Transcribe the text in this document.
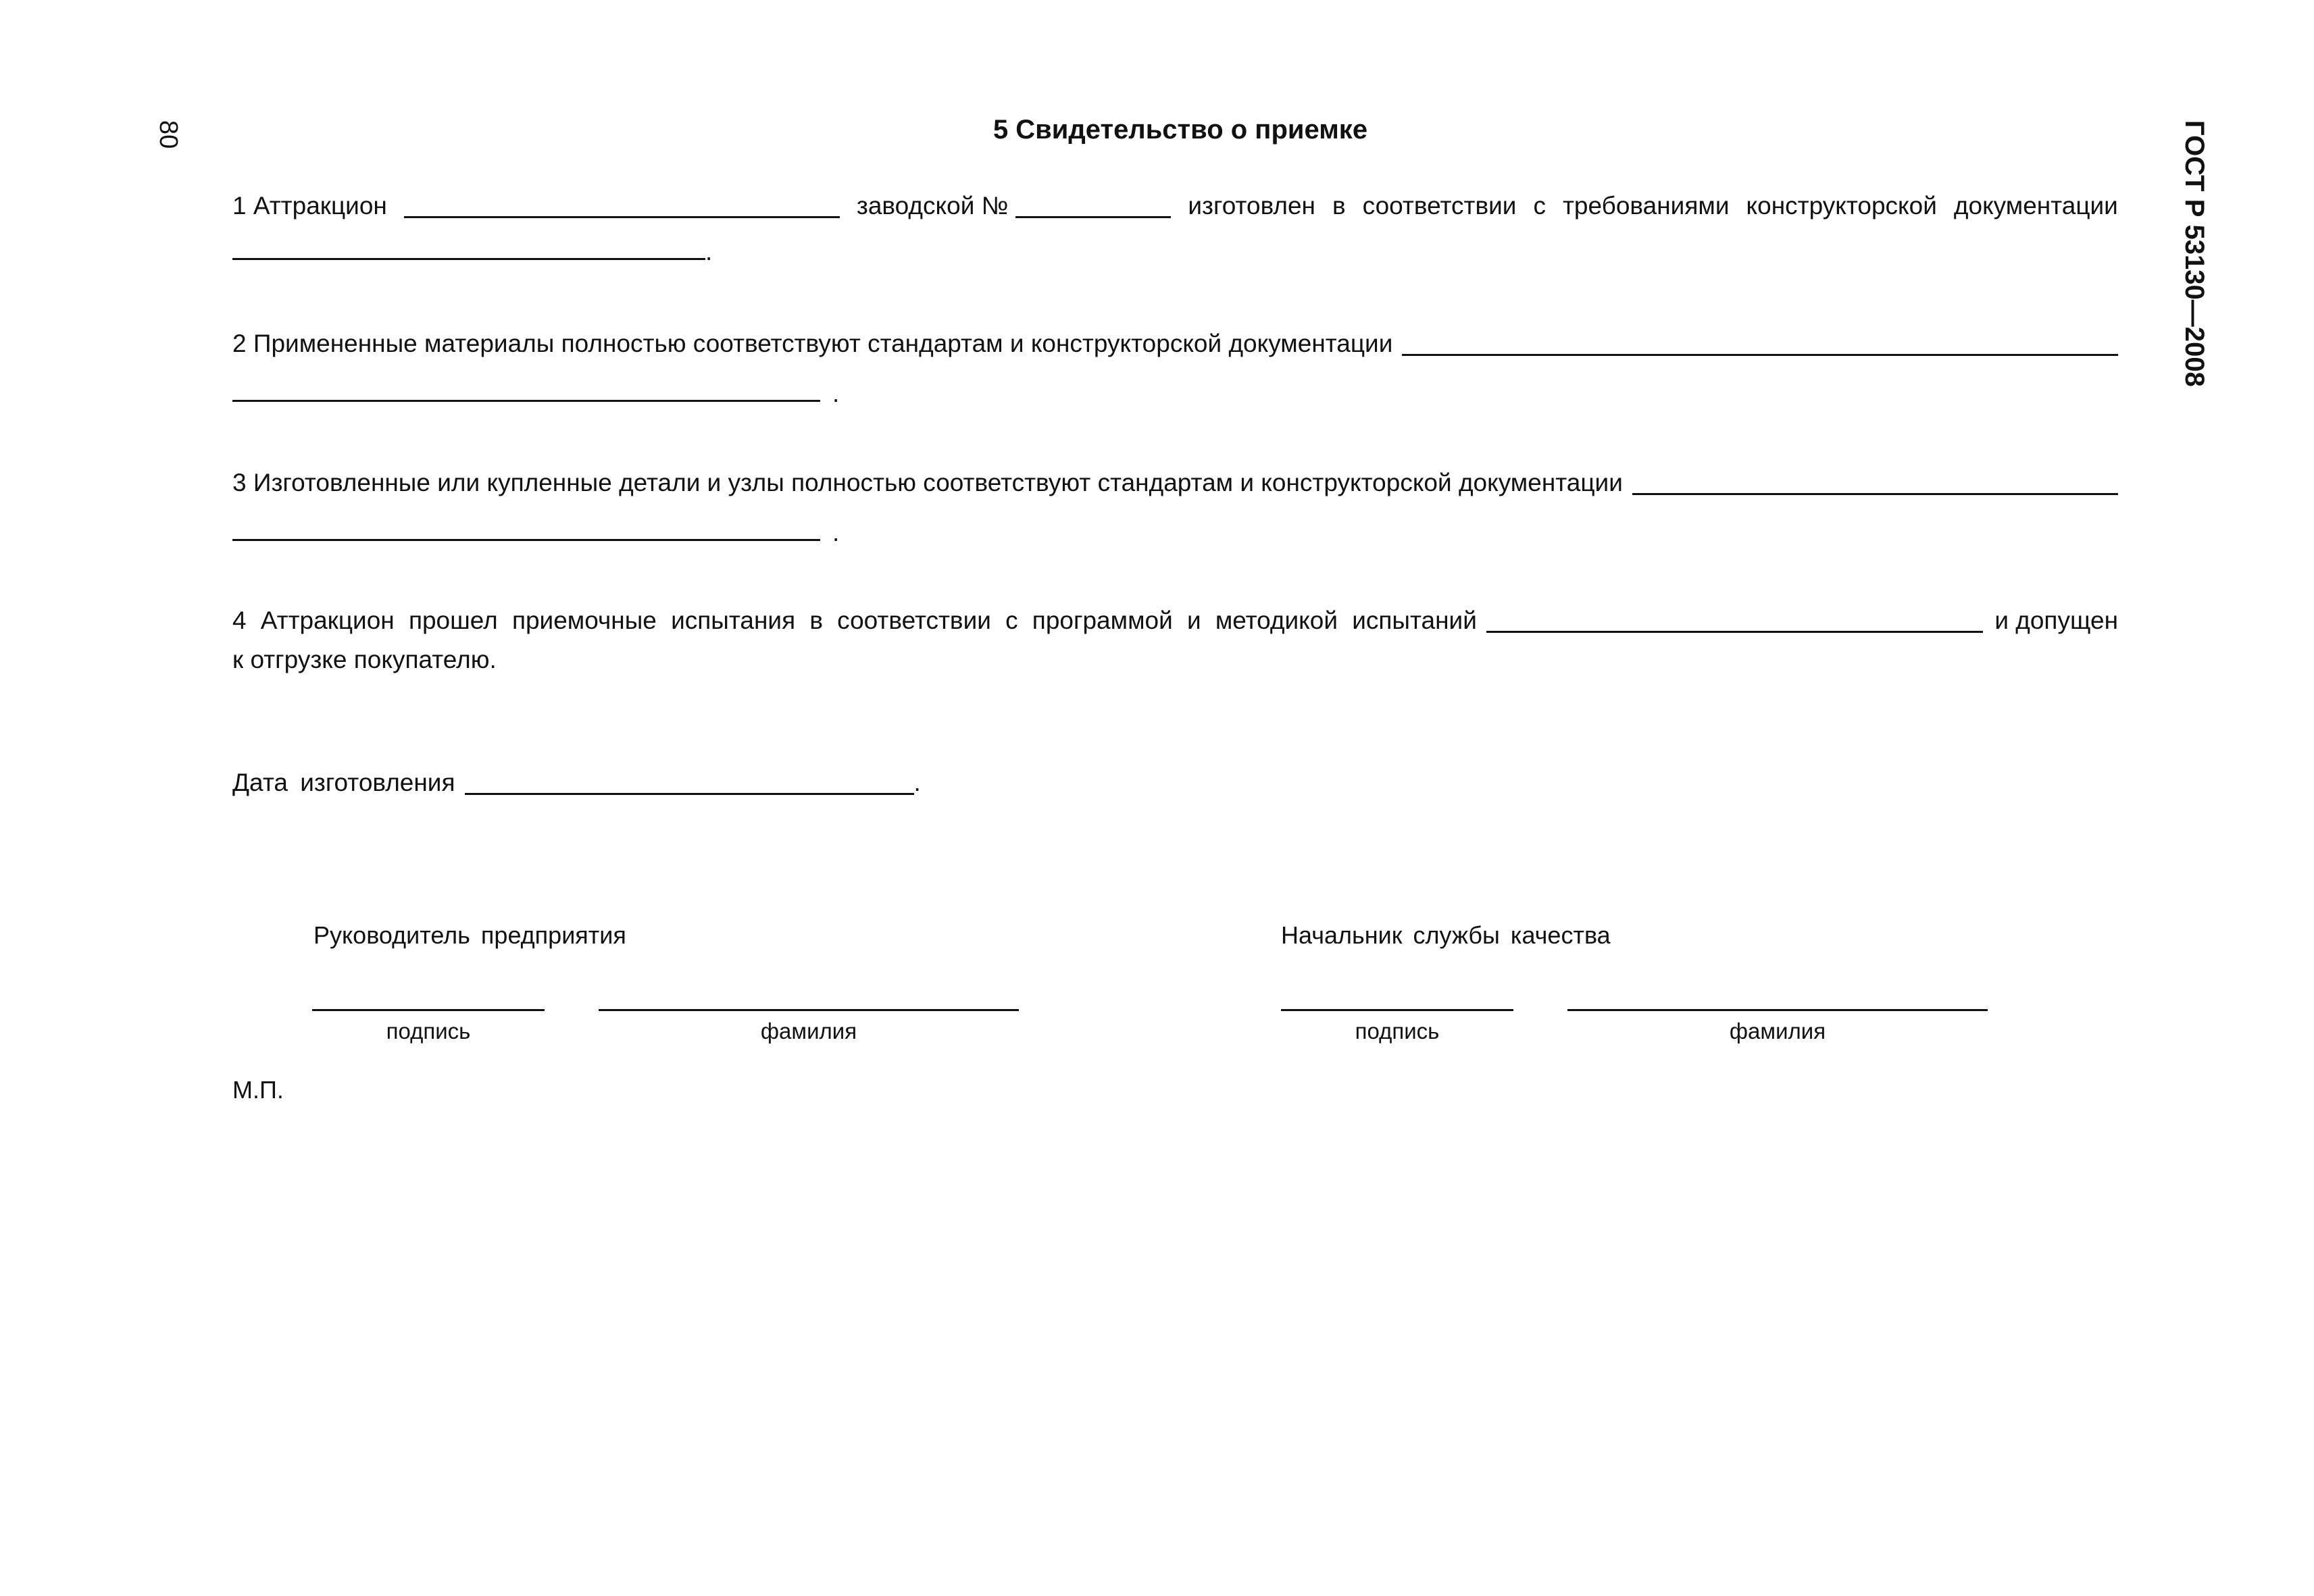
80	ГОСТ Р 53130—2008
5 Свидетельство о приемке
1 Аттракцион	заводской №	изготовлен в соответствии с требованиями конструкторской документации
.
2 Примененные материалы полностью соответствуют стандартам и конструкторской документации
.
3 Изготовленные или купленные детали и узлы полностью соответствуют стандартам и конструкторской документации
.
4 Аттракцион прошел приемочные испытания в соответствии с программой и методикой испытаний	и допущен
к отгрузке покупателю.
Дата изготовления	.
Руководитель предприятия	Начальник службы качества
подпись	фамилия	подпись	фамилия
М.П.
